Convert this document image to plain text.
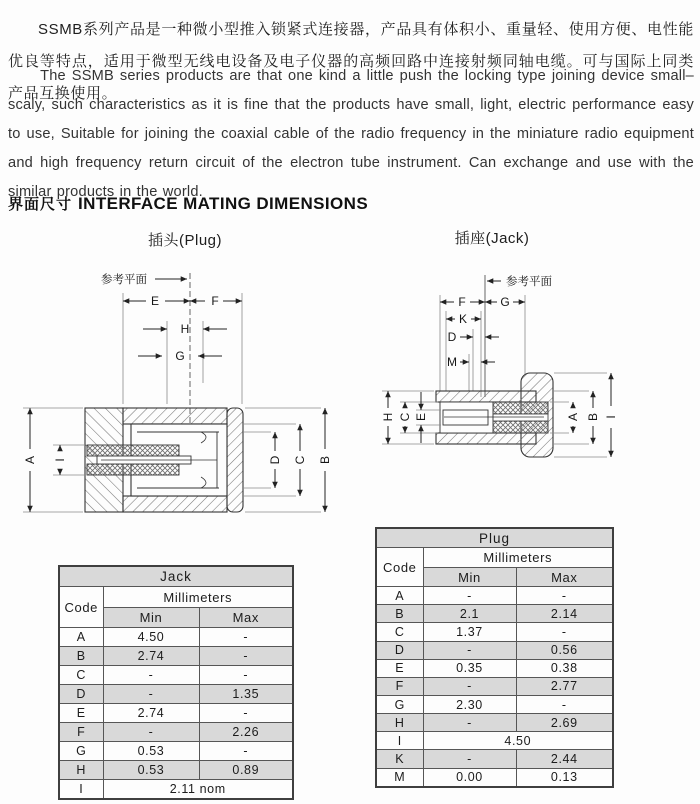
SSMB系列产品是一种微小型推入锁紧式连接器，产品具有体积小、重量轻、使用方便、电性能优良等特点，适用于微型无线电设备及电子仪器的高频回路中连接射频同轴电缆。可与国际上同类产品互换使用。

The SSMB series products are that one kind a little push the locking type joining device small– scaly, such characteristics as it is fine that the products have small, light, electric performance easy to use, Suitable for joining the coaxial cable of the radio frequency in the miniature radio equipment and high frequency return circuit of the electron tube instrument. Can exchange and use with the similar products in the world.

界面尺寸 INTERFACE MATING DIMENSIONS
插头(Plug)	插座(Jack)
参考平面
E	F
H
G
A I	D C B
参考平面
F	G
K
D
M
H C E	A B I
Jack		
Code	Millimeters	
	Min	Max
A	4.50	-
B	2.74	-
C	-	-
D	-	1.35
E	2.74	-
F	-	2.26
G	0.53	-
H	0.53	0.89
I	2.11 nom	
Plug		
Code	Millimeters	
	Min	Max
A	-	-
B	2.1	2.14
C	1.37	-
D	-	0.56
E	0.35	0.38
F	-	2.77
G	2.30	-
H	-	2.69
I	4.50	
K	-	2.44
M	0.00	0.13
